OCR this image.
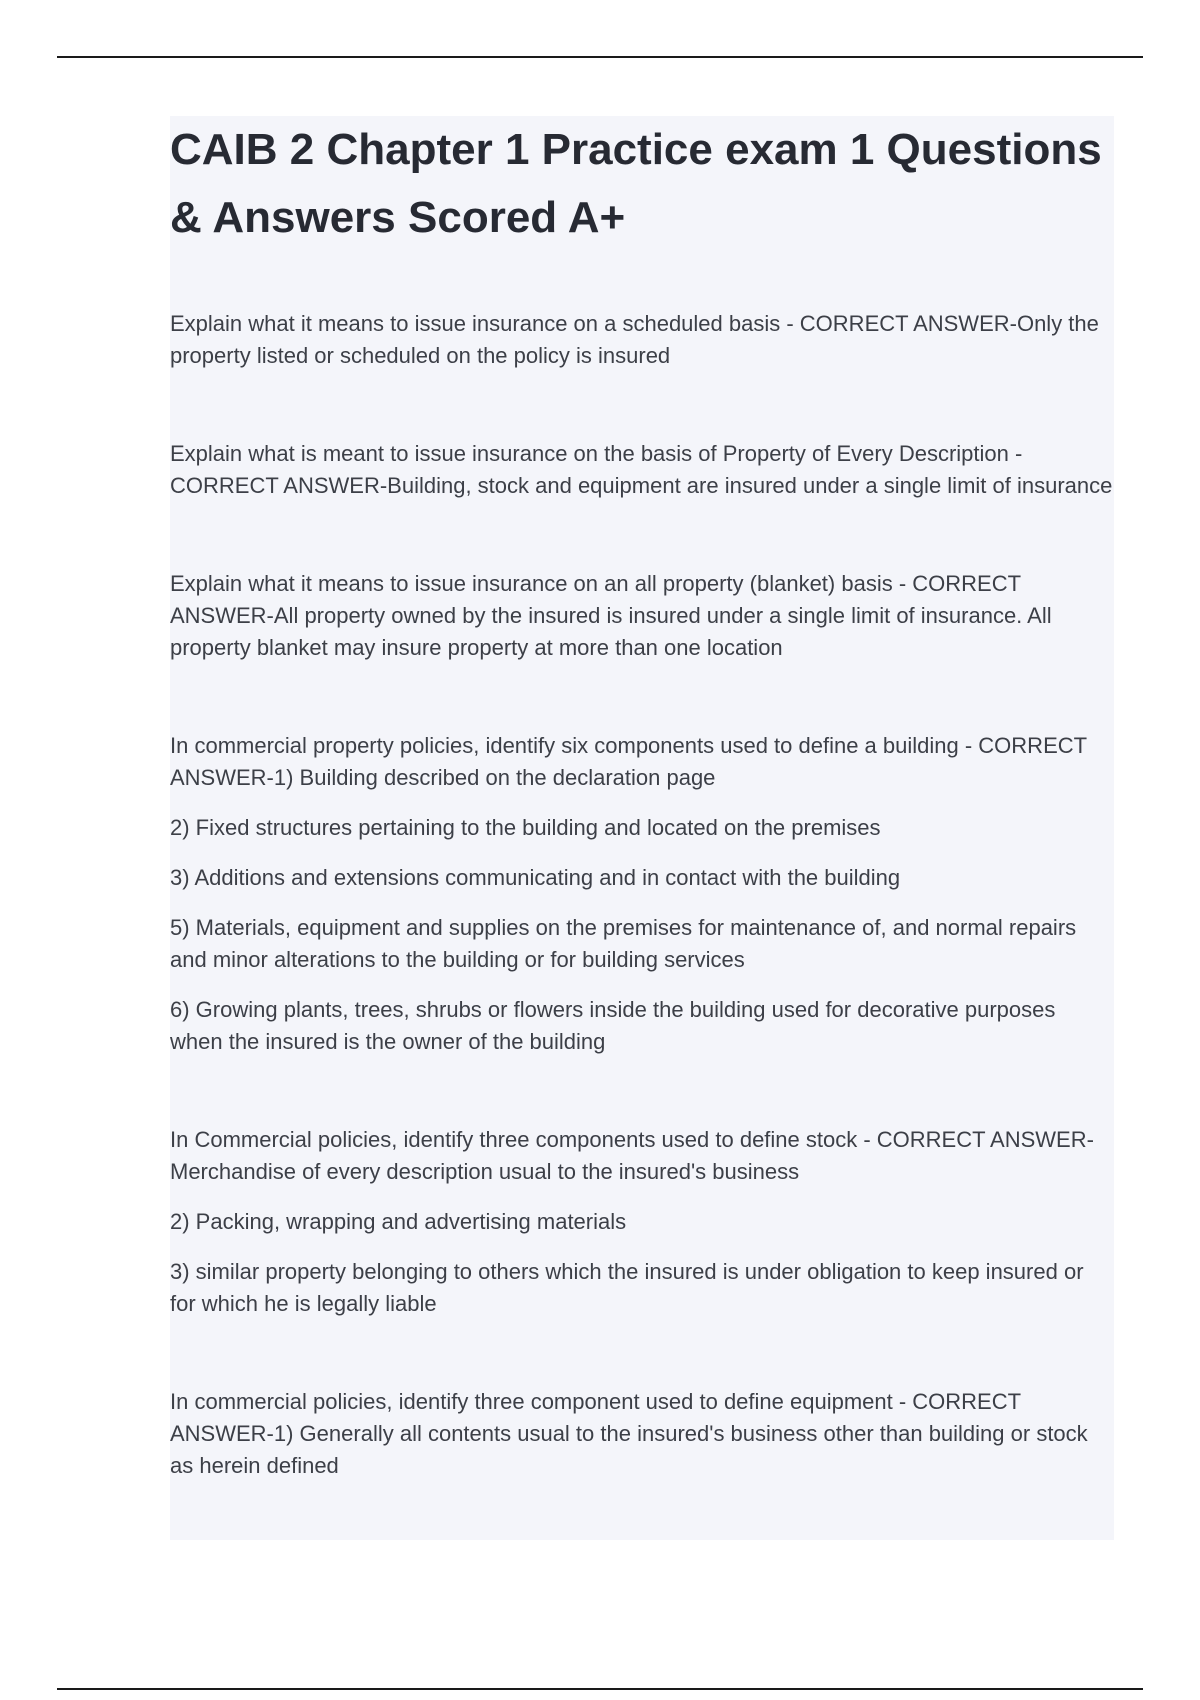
CAIB 2 Chapter 1 Practice exam 1 Questions & Answers Scored A+

Explain what it means to issue insurance on a scheduled basis - CORRECT ANSWER-Only the property listed or scheduled on the policy is insured

Explain what is meant to issue insurance on the basis of Property of Every Description - CORRECT ANSWER-Building, stock and equipment are insured under a single limit of insurance

Explain what it means to issue insurance on an all property (blanket) basis - CORRECT ANSWER-All property owned by the insured is insured under a single limit of insurance. All property blanket may insure property at more than one location

In commercial property policies, identify six components used to define a building - CORRECT ANSWER-1) Building described on the declaration page

2) Fixed structures pertaining to the building and located on the premises

3) Additions and extensions communicating and in contact with the building

5) Materials, equipment and supplies on the premises for maintenance of, and normal repairs and minor alterations to the building or for building services

6) Growing plants, trees, shrubs or flowers inside the building used for decorative purposes when the insured is the owner of the building

In Commercial policies, identify three components used to define stock - CORRECT ANSWER-Merchandise of every description usual to the insured's business

2) Packing, wrapping and advertising materials

3) similar property belonging to others which the insured is under obligation to keep insured or for which he is legally liable

In commercial policies, identify three component used to define equipment - CORRECT ANSWER-1) Generally all contents usual to the insured's business other than building or stock as herein defined
